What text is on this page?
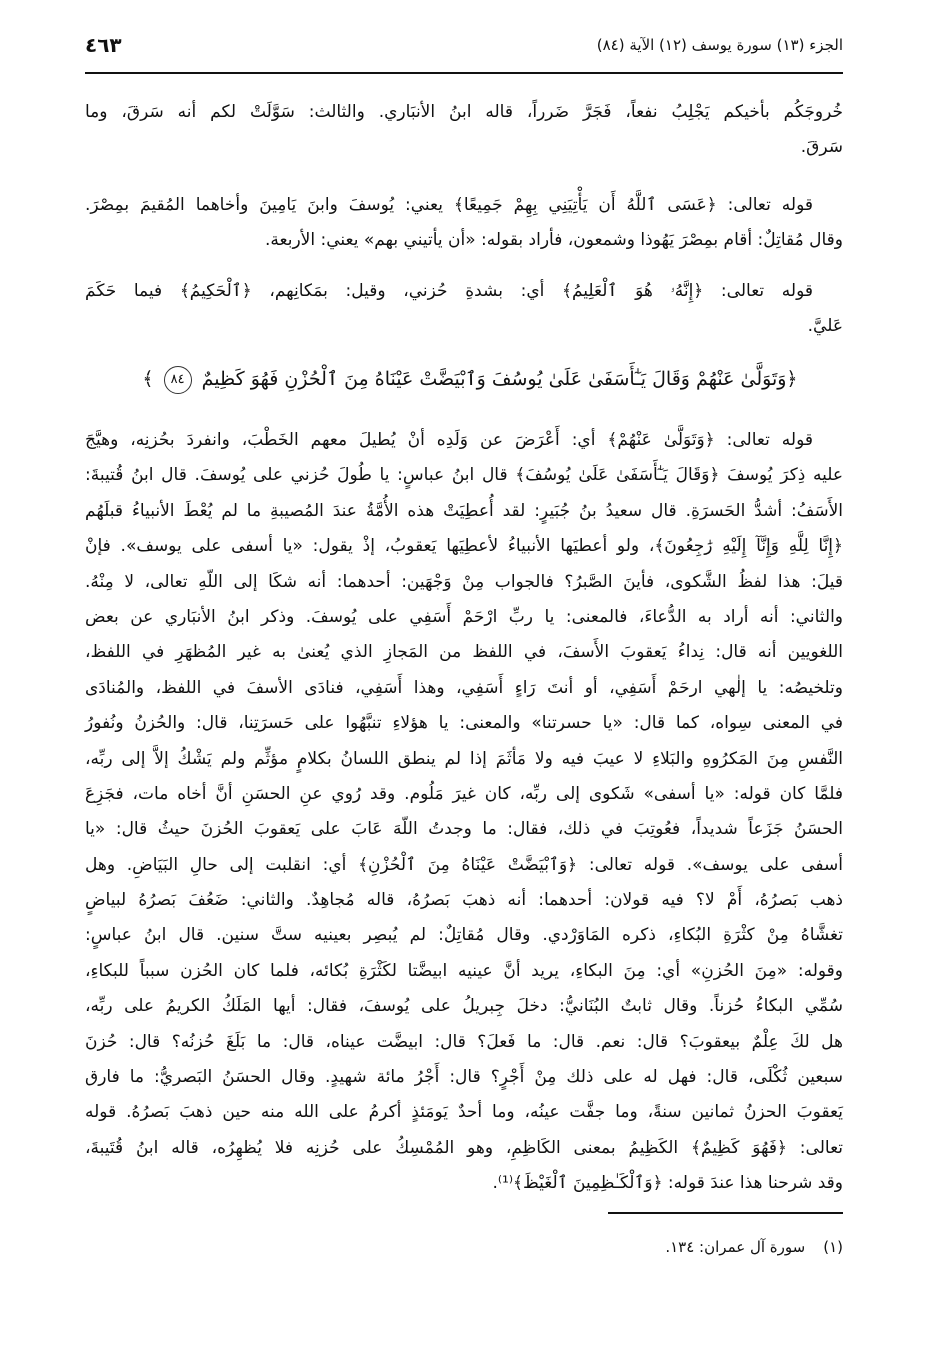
الجزء (١٣) سورة يوسف (١٢) الآية (٨٤)
٤٦٣
خُروجَكُم بأخيكم يَجْلِبُ نفعاً، فَجَرَّ ضَرراً، قاله ابنُ الأنبَاري. والثالث: سَوَّلَتْ لكم أنه سَرقَ، وما
سَرقَ.
قوله تعالى: ﴿عَسَى ٱللَّهُ أَن يَأْتِيَنِي بِهِمْ جَمِيعًا﴾ يعني: يُوسفَ وابنَ يَامِينَ وأخاهما المُقيمَ بمِصْرَ.
وقال مُقاتِلٌ: أقام بمِصْرَ يَهُوذا وشمعون، فأراد بقوله: «أن يأتيني بهم» يعني: الأربعة.
قوله تعالى: ﴿إِنَّهُۥ هُوَ ٱلْعَلِيمُ﴾ أي: بشدةِ حُزني، وقيل: بمَكانِهم، ﴿ٱلْحَكِيمُ﴾ فيما حَكَمَ
عَليَّ.
﴿وَتَوَلَّىٰ عَنْهُمْ وَقَالَ يَـٰٓأَسَفَىٰ عَلَىٰ يُوسُفَ وَٱبْيَضَّتْ عَيْنَاهُ مِنَ ٱلْحُزْنِ فَهُوَ كَظِيمٌ ٨٤ ﴾
قوله تعالى: ﴿وَتَوَلَّىٰ عَنْهُمْ﴾ أي: أَعْرَضَ عن وَلَدِه أنْ يُطيلَ معهم الخَطْبَ، وانفردَ بحُزنِه، وهيَّجَ
عليه ذِكرَ يُوسفَ ﴿وَقَالَ يَـٰٓأَسَفَىٰ عَلَىٰ يُوسُفَ﴾ قال ابنُ عباسٍ: يا طُولَ حُزني على يُوسفَ. قال ابنُ قُتيبةَ:
الأَسَفُ: أشدُّ الحَسرَةِ. قال سعيدُ بنُ جُبَيرٍ: لقد أُعطِيَتْ هذه الأُمَّةُ عندَ المُصيبةِ ما لم يُعْطَ الأنبياءُ قبلَهُم
﴿إِنَّا لِلَّهِ وَإِنَّآ إِلَيْهِ رَٰجِعُونَ﴾، ولو أعطيَها الأنبياءُ لأعطِيَها يَعقوبُ، إذْ يقول: «يا أسفى على يوسف». فإنْ
قيلَ: هذا لفظُ الشَّكوى، فأينَ الصَّبرُ؟ فالجواب مِنْ وَجْهَين: أحدهما: أنه شكَا إلى اللّهِ تعالى، لا مِنْهُ.
والثاني: أنه أراد به الدُّعاءَ، فالمعنى: يا ربِّ ارْحَمْ أَسَفِي على يُوسفَ. وذكر ابنُ الأنبَاري عن بعض
اللغويين أنه قال: نِداءُ يَعقوبَ الأَسفَ، في اللفظ من المَجازِ الذي يُعنىٰ به غير المُظهَرِ في اللفظ،
وتلخيصُه: يا إلٰهي ارحَمْ أَسَفِي، أو أنتَ رَاءٍ أَسَفِي، وهذا أَسَفِي، فنادَى الأسفَ في اللفظ، والمُنادَى
في المعنى سِواه، كما قال: «يا حسرتنا» والمعنى: يا هؤلاءِ تنبَّهُوا على حَسرَتِنا، قال: والحُزنُ ونُفورُ
النَّفسِ مِنَ المَكرُوهِ والبَلاءِ لا عيبَ فيه ولا مَأثَمَ إذا لم ينطق اللسانُ بكلامٍ مؤثِّم ولم يَشْكُ إلاَّ إلى ربِّه،
فلمَّا كان قوله: «يا أسفى» شَكوى إلى ربِّه، كان غيرَ مَلُوم. وقد رُوي عنِ الحسَنِ أنَّ أخاه مات، فجَزِعَ
الحسَنُ جَزَعاً شديداً، فعُوتِبَ في ذلك، فقال: ما وجدتُ اللّهَ عَابَ على يَعقوبَ الحُزنَ حيثُ قال: «يا
أسفى على يوسف». قوله تعالى: ﴿وَٱبْيَضَّتْ عَيْنَاهُ مِنَ ٱلْحُزْنِ﴾ أي: انقلبت إلى حالِ البَيَاضِ. وهل
ذهب بَصرُهُ، أَمْ لا؟ فيه قولان: أحدهما: أنه ذهبَ بَصرُهُ، قاله مُجاهِدٌ. والثاني: ضَعُفَ بَصرُهُ لبياضٍ
تغشَّاهُ مِنْ كثْرَةِ البُكاءِ، ذكره المَاوَرْدي. وقال مُقاتِلٌ: لم يُبصِر بعينيه ستَّ سنين. قال ابنُ عباسٍ:
وقوله: «مِنَ الحُزنِ» أي: مِنَ البكاءِ، يريد أنَّ عينيه ابيضَّتا لكَثْرَةِ بُكائه، فلما كان الحُزن سبباً للبكاءِ،
سُمِّي البكاءُ حُزناً. وقال ثابتٌ البُنَانيُّ: دخلَ جِبريلُ على يُوسفَ، فقال: أيها المَلَكُ الكريمُ على ربِّه،
هل لكَ عِلْمٌ بيعقوبَ؟ قال: نعم. قال: ما فَعلَ؟ قال: ابيضَّت عيناه، قال: ما بَلَغَ حُزنُه؟ قال: حُزنَ
سبعين ثُكْلَى، قال: فهل له على ذلك مِنْ أَجْرٍ؟ قال: أَجْرُ مائة شهيدٍ. وقال الحسَنُ البَصريُّ: ما فارق
يَعقوبَ الحزنُ ثمانين سنةً، وما جفَّت عينُه، وما أحدٌ يَومَئذٍ أكرمُ على الله منه حين ذهبَ بَصرُهُ. قوله
تعالى: ﴿فَهُوَ كَظِيمٌ﴾ الكَظِيمُ بمعنى الكَاظِمِ، وهو المُمْسِكُ على حُزنِه فلا يُظهِرُه، قاله ابنُ قُتَيبةَ،
وقد شرحنا هذا عندَ قوله: ﴿وَٱلْكَـٰظِمِينَ ٱلْغَيْظَ﴾⁽¹⁾.
(١)سورة آل عمران: ١٣٤.
